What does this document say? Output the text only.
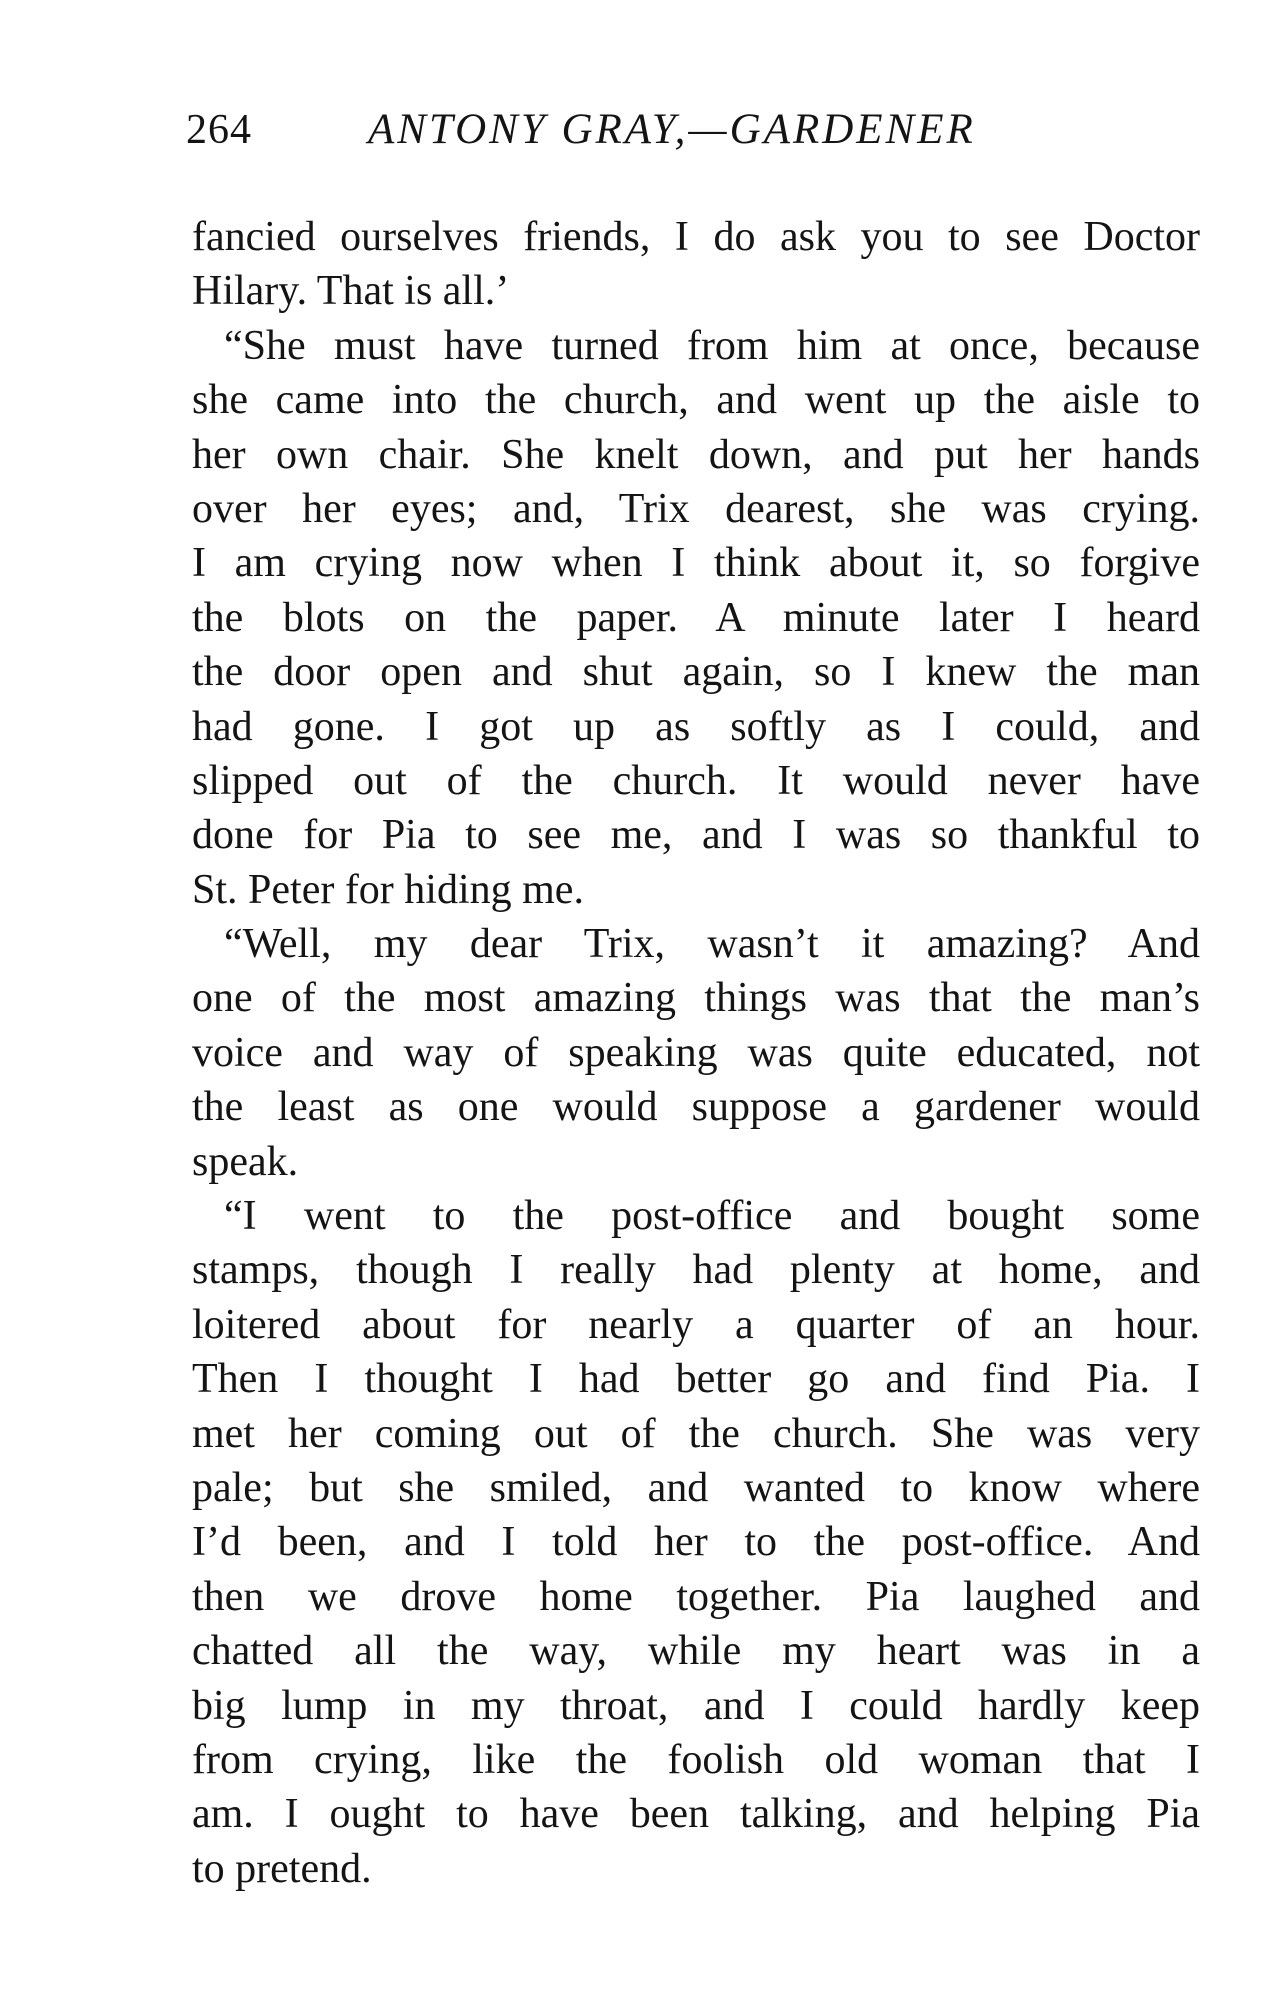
264	ANTONY GRAY,—GARDENER
fancied ourselves friends, I do ask you to see Doctor
Hilary. That is all.’
“She must have turned from him at once, because
she came into the church, and went up the aisle to
her own chair. She knelt down, and put her hands
over her eyes; and, Trix dearest, she was crying.
I am crying now when I think about it, so forgive
the blots on the paper. A minute later I heard
the door open and shut again, so I knew the man
had gone. I got up as softly as I could, and
slipped out of the church. It would never have
done for Pia to see me, and I was so thankful to
St. Peter for hiding me.
“Well, my dear Trix, wasn’t it amazing? And
one of the most amazing things was that the man’s
voice and way of speaking was quite educated, not
the least as one would suppose a gardener would
speak.
“I went to the post-office and bought some
stamps, though I really had plenty at home, and
loitered about for nearly a quarter of an hour.
Then I thought I had better go and find Pia. I
met her coming out of the church. She was very
pale; but she smiled, and wanted to know where
I’d been, and I told her to the post-office. And
then we drove home together. Pia laughed and
chatted all the way, while my heart was in a
big lump in my throat, and I could hardly keep
from crying, like the foolish old woman that I
am. I ought to have been talking, and helping Pia
to pretend.
